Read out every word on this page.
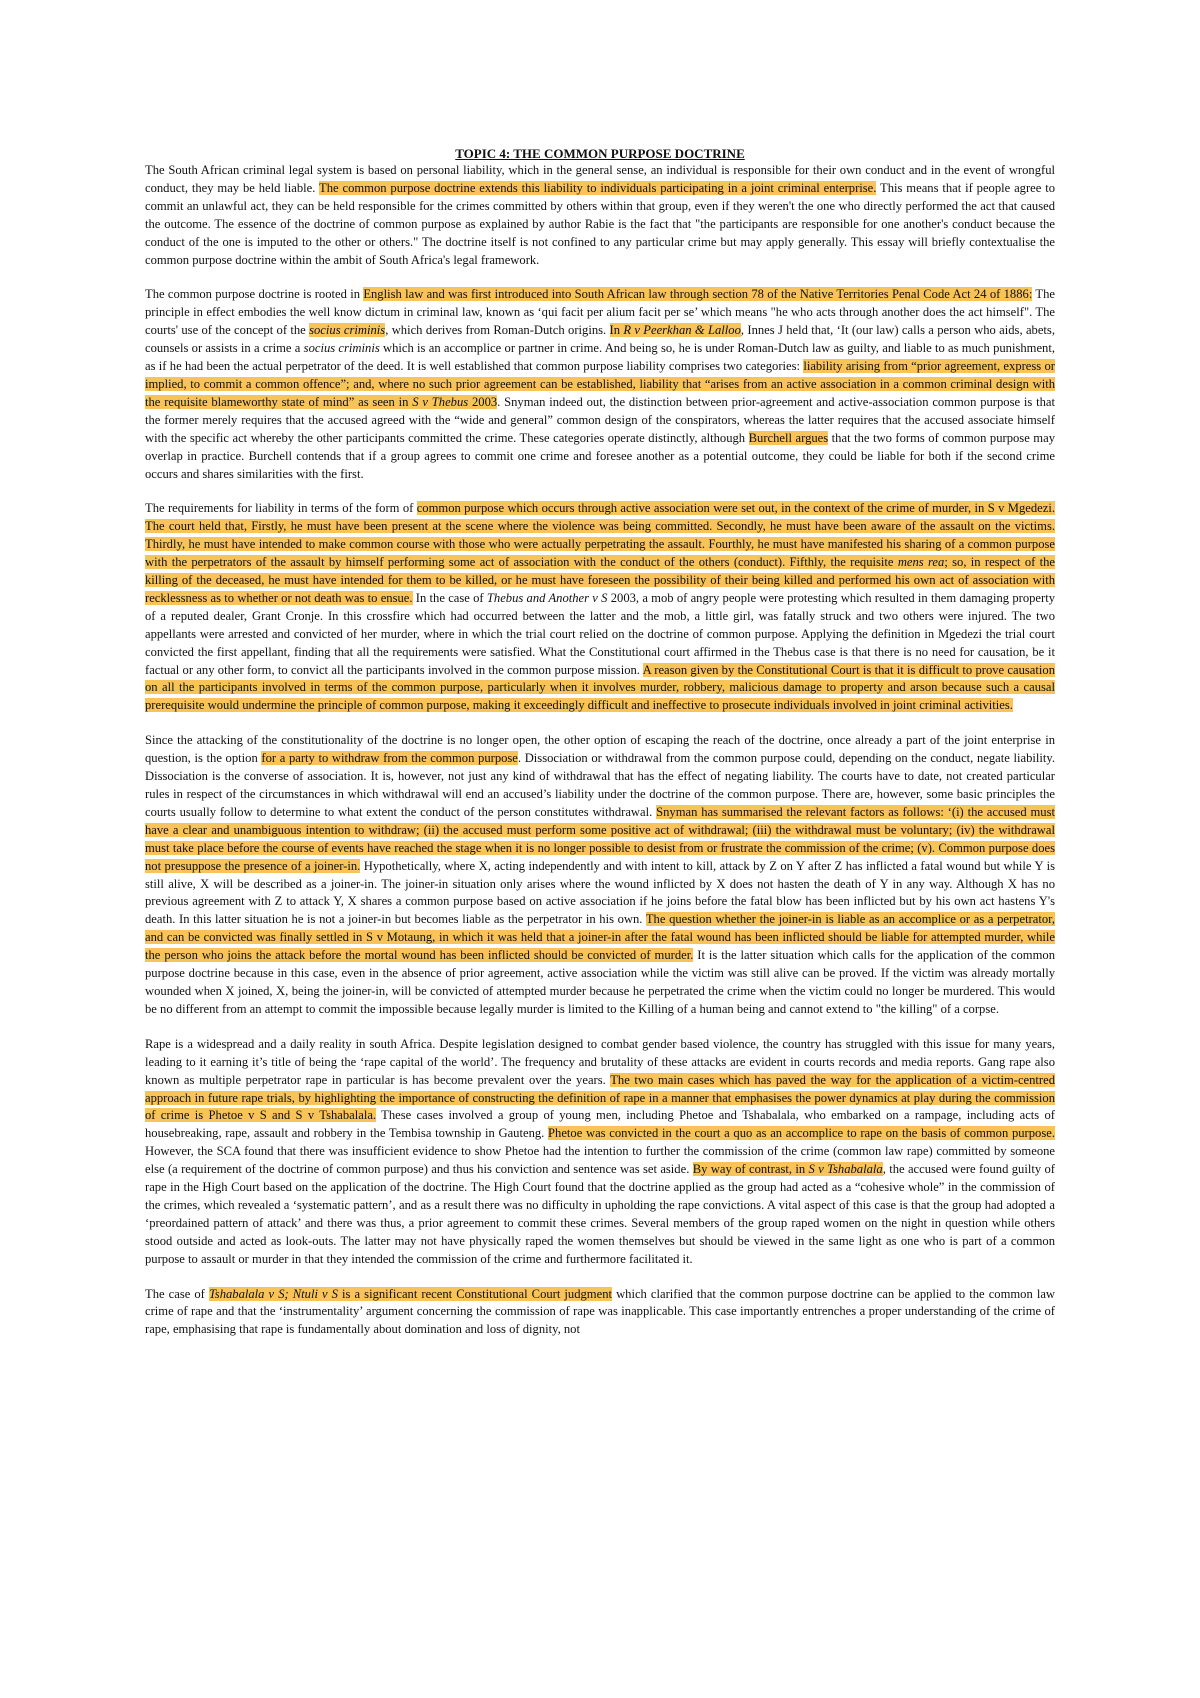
TOPIC 4: THE COMMON PURPOSE DOCTRINE

The South African criminal legal system is based on personal liability, which in the general sense, an individual is responsible for their own conduct and in the event of wrongful conduct, they may be held liable. The common purpose doctrine extends this liability to individuals participating in a joint criminal enterprise. This means that if people agree to commit an unlawful act, they can be held responsible for the crimes committed by others within that group, even if they weren't the one who directly performed the act that caused the outcome. The essence of the doctrine of common purpose as explained by author Rabie is the fact that "the participants are responsible for one another's conduct because the conduct of the one is imputed to the other or others." The doctrine itself is not confined to any particular crime but may apply generally. This essay will briefly contextualise the common purpose doctrine within the ambit of South Africa's legal framework.

The common purpose doctrine is rooted in English law and was first introduced into South African law through section 78 of the Native Territories Penal Code Act 24 of 1886: The principle in effect embodies the well know dictum in criminal law, known as ‘qui facit per alium facit per se’ which means "he who acts through another does the act himself". The courts' use of the concept of the socius criminis, which derives from Roman-Dutch origins. In R v Peerkhan & Lalloo, Innes J held that, ‘It (our law) calls a person who aids, abets, counsels or assists in a crime a socius criminis which is an accomplice or partner in crime. And being so, he is under Roman-Dutch law as guilty, and liable to as much punishment, as if he had been the actual perpetrator of the deed. It is well established that common purpose liability comprises two categories: liability arising from “prior agreement, express or implied, to commit a common offence”; and, where no such prior agreement can be established, liability that “arises from an active association in a common criminal design with the requisite blameworthy state of mind” as seen in S v Thebus 2003. Snyman indeed out, the distinction between prior-agreement and active-association common purpose is that the former merely requires that the accused agreed with the “wide and general” common design of the conspirators, whereas the latter requires that the accused associate himself with the specific act whereby the other participants committed the crime. These categories operate distinctly, although Burchell argues that the two forms of common purpose may overlap in practice. Burchell contends that if a group agrees to commit one crime and foresee another as a potential outcome, they could be liable for both if the second crime occurs and shares similarities with the first.

The requirements for liability in terms of the form of common purpose which occurs through active association were set out, in the context of the crime of murder, in S v Mgedezi. The court held that, Firstly, he must have been present at the scene where the violence was being committed. Secondly, he must have been aware of the assault on the victims. Thirdly, he must have intended to make common course with those who were actually perpetrating the assault. Fourthly, he must have manifested his sharing of a common purpose with the perpetrators of the assault by himself performing some act of association with the conduct of the others (conduct). Fifthly, the requisite mens rea; so, in respect of the killing of the deceased, he must have intended for them to be killed, or he must have foreseen the possibility of their being killed and performed his own act of association with recklessness as to whether or not death was to ensue. In the case of Thebus and Another v S 2003, a mob of angry people were protesting which resulted in them damaging property of a reputed dealer, Grant Cronje. In this crossfire which had occurred between the latter and the mob, a little girl, was fatally struck and two others were injured. The two appellants were arrested and convicted of her murder, where in which the trial court relied on the doctrine of common purpose. Applying the definition in Mgedezi the trial court convicted the first appellant, finding that all the requirements were satisfied. What the Constitutional court affirmed in the Thebus case is that there is no need for causation, be it factual or any other form, to convict all the participants involved in the common purpose mission. A reason given by the Constitutional Court is that it is difficult to prove causation on all the participants involved in terms of the common purpose, particularly when it involves murder, robbery, malicious damage to property and arson because such a causal prerequisite would undermine the principle of common purpose, making it exceedingly difficult and ineffective to prosecute individuals involved in joint criminal activities.

Since the attacking of the constitutionality of the doctrine is no longer open, the other option of escaping the reach of the doctrine, once already a part of the joint enterprise in question, is the option for a party to withdraw from the common purpose. Dissociation or withdrawal from the common purpose could, depending on the conduct, negate liability. Dissociation is the converse of association. It is, however, not just any kind of withdrawal that has the effect of negating liability. The courts have to date, not created particular rules in respect of the circumstances in which withdrawal will end an accused’s liability under the doctrine of the common purpose. There are, however, some basic principles the courts usually follow to determine to what extent the conduct of the person constitutes withdrawal. Snyman has summarised the relevant factors as follows: ‘(i) the accused must have a clear and unambiguous intention to withdraw; (ii) the accused must perform some positive act of withdrawal; (iii) the withdrawal must be voluntary; (iv) the withdrawal must take place before the course of events have reached the stage when it is no longer possible to desist from or frustrate the commission of the crime; (v). Common purpose does not presuppose the presence of a joiner-in. Hypothetically, where X, acting independently and with intent to kill, attack by Z on Y after Z has inflicted a fatal wound but while Y is still alive, X will be described as a joiner-in. The joiner-in situation only arises where the wound inflicted by X does not hasten the death of Y in any way. Although X has no previous agreement with Z to attack Y, X shares a common purpose based on active association if he joins before the fatal blow has been inflicted but by his own act hastens Y's death. In this latter situation he is not a joiner-in but becomes liable as the perpetrator in his own. The question whether the joiner-in is liable as an accomplice or as a perpetrator, and can be convicted was finally settled in S v Motaung, in which it was held that a joiner-in after the fatal wound has been inflicted should be liable for attempted murder, while the person who joins the attack before the mortal wound has been inflicted should be convicted of murder. It is the latter situation which calls for the application of the common purpose doctrine because in this case, even in the absence of prior agreement, active association while the victim was still alive can be proved. If the victim was already mortally wounded when X joined, X, being the joiner-in, will be convicted of attempted murder because he perpetrated the crime when the victim could no longer be murdered. This would be no different from an attempt to commit the impossible because legally murder is limited to the Killing of a human being and cannot extend to "the killing" of a corpse.

Rape is a widespread and a daily reality in south Africa. Despite legislation designed to combat gender based violence, the country has struggled with this issue for many years, leading to it earning it’s title of being the ‘rape capital of the world’. The frequency and brutality of these attacks are evident in courts records and media reports. Gang rape also known as multiple perpetrator rape in particular is has become prevalent over the years. The two main cases which has paved the way for the application of a victim-centred approach in future rape trials, by highlighting the importance of constructing the definition of rape in a manner that emphasises the power dynamics at play during the commission of crime is Phetoe v S and S v Tshabalala. These cases involved a group of young men, including Phetoe and Tshabalala, who embarked on a rampage, including acts of housebreaking, rape, assault and robbery in the Tembisa township in Gauteng. Phetoe was convicted in the court a quo as an accomplice to rape on the basis of common purpose. However, the SCA found that there was insufficient evidence to show Phetoe had the intention to further the commission of the crime (common law rape) committed by someone else (a requirement of the doctrine of common purpose) and thus his conviction and sentence was set aside. By way of contrast, in S v Tshabalala, the accused were found guilty of rape in the High Court based on the application of the doctrine. The High Court found that the doctrine applied as the group had acted as a “cohesive whole” in the commission of the crimes, which revealed a ‘systematic pattern’, and as a result there was no difficulty in upholding the rape convictions. A vital aspect of this case is that the group had adopted a ‘preordained pattern of attack’ and there was thus, a prior agreement to commit these crimes. Several members of the group raped women on the night in question while others stood outside and acted as look-outs. The latter may not have physically raped the women themselves but should be viewed in the same light as one who is part of a common purpose to assault or murder in that they intended the commission of the crime and furthermore facilitated it.

The case of Tshabalala v S; Ntuli v S is a significant recent Constitutional Court judgment which clarified that the common purpose doctrine can be applied to the common law crime of rape and that the ‘instrumentality’ argument concerning the commission of rape was inapplicable. This case importantly entrenches a proper understanding of the crime of rape, emphasising that rape is fundamentally about domination and loss of dignity, not
